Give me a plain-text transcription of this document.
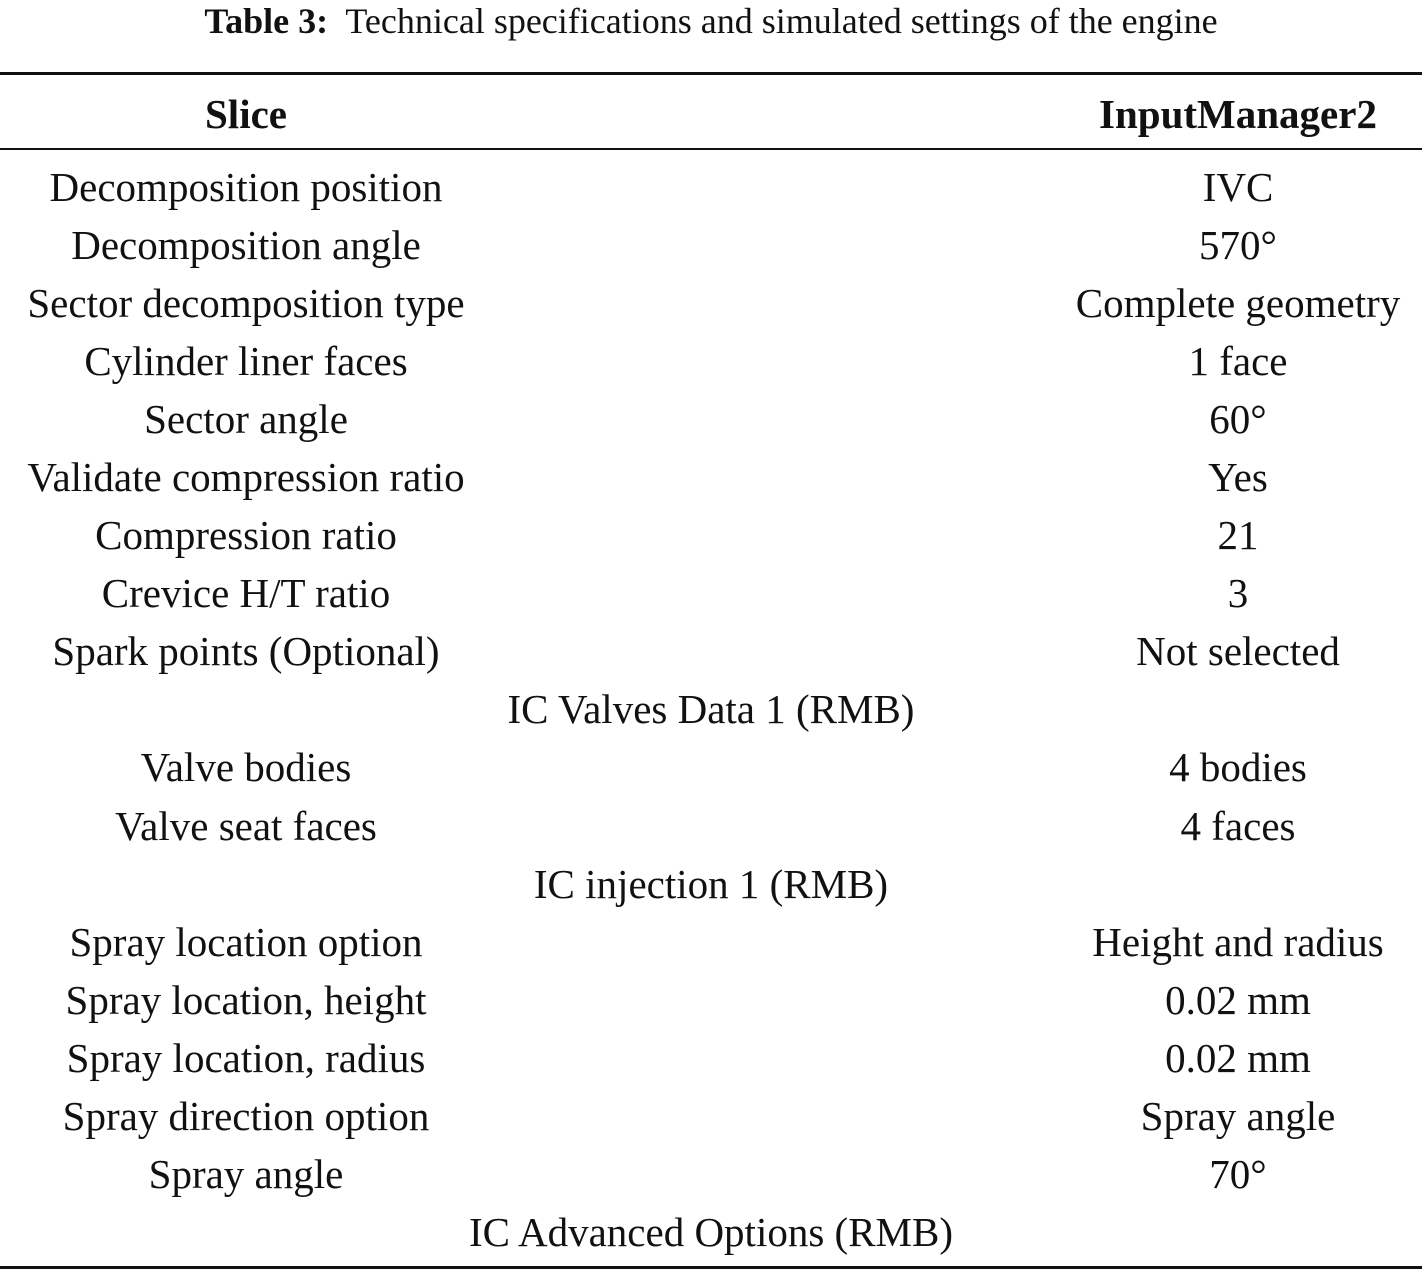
Table 3: Technical specifications and simulated settings of the engine
Slice	InputManager2
Decomposition position	IVC
Decomposition angle	570°
Sector decomposition type	Complete geometry
Cylinder liner faces	1 face
Sector angle	60°
Validate compression ratio	Yes
Compression ratio	21
Crevice H/T ratio	3
Spark points (Optional)	Not selected
IC Valves Data 1 (RMB)
Valve bodies	4 bodies
Valve seat faces	4 faces
IC injection 1 (RMB)
Spray location option	Height and radius
Spray location, height	0.02 mm
Spray location, radius	0.02 mm
Spray direction option	Spray angle
Spray angle	70°
IC Advanced Options (RMB)
